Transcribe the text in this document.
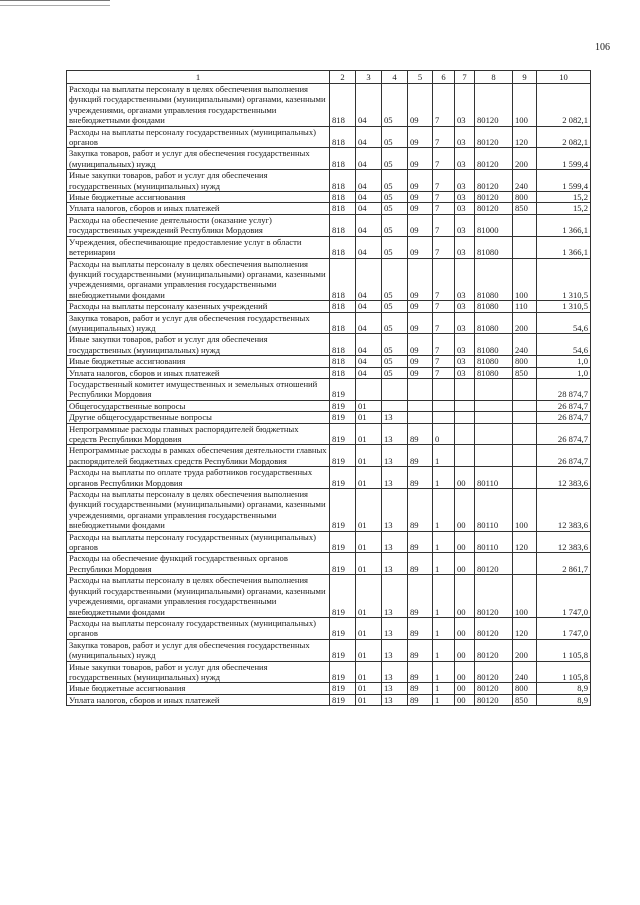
106
1	2	3	4	5	6	7	8	9	10
Расходы на выплаты персоналу в целях обеспечения выполнения функций государственными (муниципальными) органами, казенными учреждениями, органами управления государственными внебюджетными фондами	818	04	05	09	7	03	80120	100	2 082,1
Расходы на выплаты персоналу государственных (муниципальных) органов	818	04	05	09	7	03	80120	120	2 082,1
Закупка товаров, работ и услуг для обеспечения государственных (муниципальных) нужд	818	04	05	09	7	03	80120	200	1 599,4
Иные закупки товаров, работ и услуг для обеспечения государственных (муниципальных) нужд	818	04	05	09	7	03	80120	240	1 599,4
Иные бюджетные ассигнования	818	04	05	09	7	03	80120	800	15,2
Уплата налогов, сборов и иных платежей	818	04	05	09	7	03	80120	850	15,2
Расходы на обеспечение деятельности (оказание услуг) государственных учреждений Республики Мордовия	818	04	05	09	7	03	81000		1 366,1
Учреждения, обеспечивающие предоставление услуг в области ветеринарии	818	04	05	09	7	03	81080		1 366,1
Расходы на выплаты персоналу в целях обеспечения выполнения функций государственными (муниципальными) органами, казенными учреждениями, органами управления государственными внебюджетными фондами	818	04	05	09	7	03	81080	100	1 310,5
Расходы на выплаты персоналу казенных учреждений	818	04	05	09	7	03	81080	110	1 310,5
Закупка товаров, работ и услуг для обеспечения государственных (муниципальных) нужд	818	04	05	09	7	03	81080	200	54,6
Иные закупки товаров, работ и услуг для обеспечения государственных (муниципальных) нужд	818	04	05	09	7	03	81080	240	54,6
Иные бюджетные ассигнования	818	04	05	09	7	03	81080	800	1,0
Уплата налогов, сборов и иных платежей	818	04	05	09	7	03	81080	850	1,0
Государственный комитет имущественных и земельных отношений Республики Мордовия	819								28 874,7
Общегосударственные вопросы	819	01							26 874,7
Другие общегосударственные вопросы	819	01	13						26 874,7
Непрограммные расходы главных распорядителей бюджетных средств Республики Мордовия	819	01	13	89	0				26 874,7
Непрограммные расходы в рамках обеспечения деятельности главных распорядителей бюджетных средств Республики Мордовия	819	01	13	89	1				26 874,7
Расходы на выплаты по оплате труда работников государственных органов Республики Мордовия	819	01	13	89	1	00	80110		12 383,6
Расходы на выплаты персоналу в целях обеспечения выполнения функций государственными (муниципальными) органами, казенными учреждениями, органами управления государственными внебюджетными фондами	819	01	13	89	1	00	80110	100	12 383,6
Расходы на выплаты персоналу государственных (муниципальных) органов	819	01	13	89	1	00	80110	120	12 383,6
Расходы на обеспечение функций государственных органов Республики Мордовия	819	01	13	89	1	00	80120		2 861,7
Расходы на выплаты персоналу в целях обеспечения выполнения функций государственными (муниципальными) органами, казенными учреждениями, органами управления государственными внебюджетными фондами	819	01	13	89	1	00	80120	100	1 747,0
Расходы на выплаты персоналу государственных (муниципальных) органов	819	01	13	89	1	00	80120	120	1 747,0
Закупка товаров, работ и услуг для обеспечения государственных (муниципальных) нужд	819	01	13	89	1	00	80120	200	1 105,8
Иные закупки товаров, работ и услуг для обеспечения государственных (муниципальных) нужд	819	01	13	89	1	00	80120	240	1 105,8
Иные бюджетные ассигнования	819	01	13	89	1	00	80120	800	8,9
Уплата налогов, сборов и иных платежей	819	01	13	89	1	00	80120	850	8,9
